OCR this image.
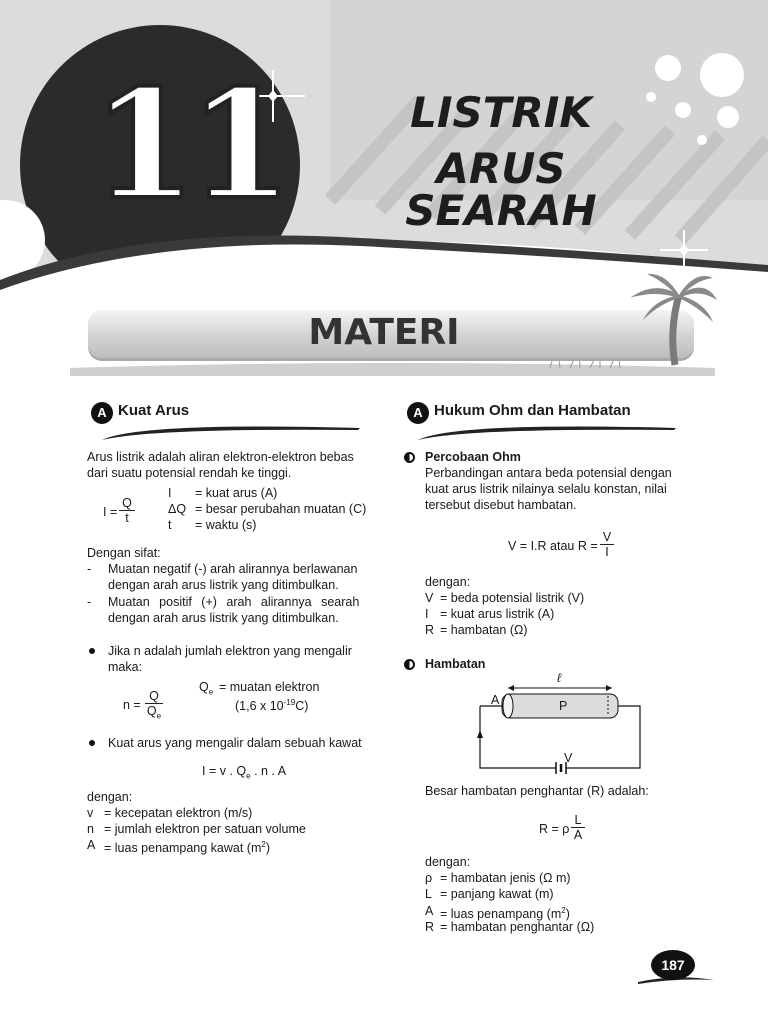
11	LISTRIK
ARUS SEARAH
MATERI
A Kuat Arus
Arus listrik adalah aliran elektron-elektron bebas
dari suatu potensial rendah ke tinggi.
$I = \frac{Q}{t}$
I = kuat arus (A)
ΔQ = besar perubahan muatan (C)
t = waktu (s)
Dengan sifat:
- Muatan negatif (-) arah alirannya berlawanan
dengan arah arus listrik yang ditimbulkan.
- Muatan positif (+) arah alirannya searah
dengan arah arus listrik yang ditimbulkan.
Jika n adalah jumlah elektron yang mengalir
maka:
$n = \frac{Q}{Q_e}$
$Q_e = muatan$ elektron
(1,6 x $10^{-19}C$)
Kuat arus yang mengalir dalam sebuah kawat
I = v . $Q_e$ . n . A
dengan:
v = kecepatan elektron (m/s)
n = jumlah elektron per satuan volume
A = luas penampang kawat $(m^2)$
A Hukum Ohm dan Hambatan
Percobaan Ohm
Perbandingan antara beda potensial dengan
kuat arus listrik nilainya selalu konstan, nilai
tersebut disebut hambatan.
V = I.R atau $R = \frac{V}{I}$
dengan:
V = beda potensial listrik (V)
I = kuat arus listrik (A)
R = hambatan (Ω)
Hambatan
ℓ
A	P
V
Besar hambatan penghantar (R) adalah:
R = ρ $\frac{L}{A}$
dengan:
ρ = hambatan jenis (Ω m)
L = panjang kawat (m)
A = luas penampang $(m^2)$
R = hambatan penghantar (Ω)
187
